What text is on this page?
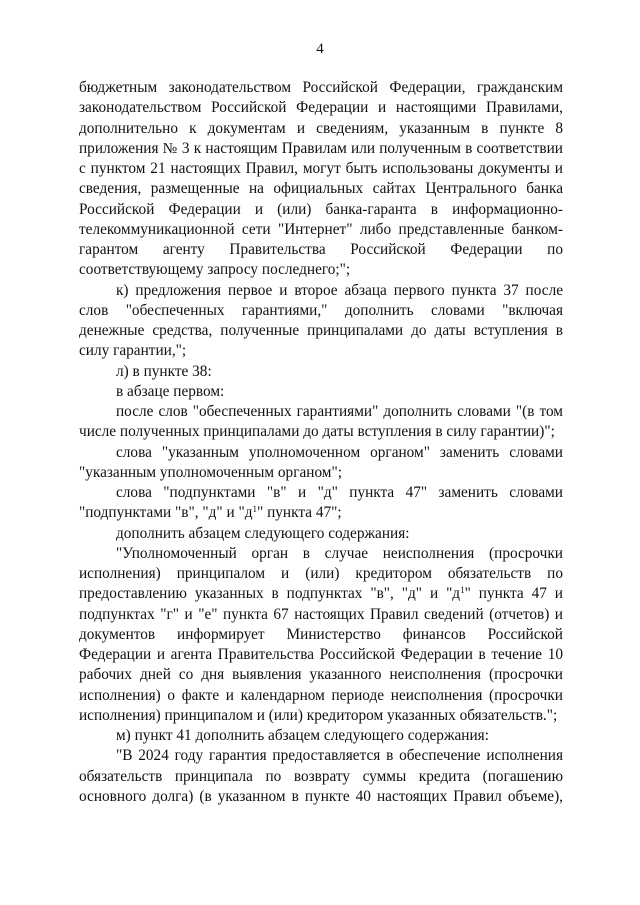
4

бюджетным законодательством Российской Федерации, гражданским законодательством Российской Федерации и настоящими Правилами, дополнительно к документам и сведениям, указанным в пункте 8 приложения № 3 к настоящим Правилам или полученным в соответствии с пунктом 21 настоящих Правил, могут быть использованы документы и сведения, размещенные на официальных сайтах Центрального банка Российской Федерации и (или) банка-гаранта в информационно-телекоммуникационной сети "Интернет" либо представленные банком-гарантом агенту Правительства Российской Федерации по соответствующему запросу последнего;";

к) предложения первое и второе абзаца первого пункта 37 после слов "обеспеченных гарантиями," дополнить словами "включая денежные средства, полученные принципалами до даты вступления в силу гарантии,";

л) в пункте 38:

в абзаце первом:

после слов "обеспеченных гарантиями" дополнить словами "(в том числе полученных принципалами до даты вступления в силу гарантии)";

слова "указанным уполномоченном органом" заменить словами "указанным уполномоченным органом";

слова "подпунктами "в" и "д" пункта 47" заменить словами "подпунктами "в", "д" и "$д^1$" пункта 47";

дополнить абзацем следующего содержания:

"Уполномоченный орган в случае неисполнения (просрочки исполнения) принципалом и (или) кредитором обязательств по предоставлению указанных в подпунктах "в", "д" и "$д^1$" пункта 47 и подпунктах "г" и "е" пункта 67 настоящих Правил сведений (отчетов) и документов информирует Министерство финансов Российской Федерации и агента Правительства Российской Федерации в течение 10 рабочих дней со дня выявления указанного неисполнения (просрочки исполнения) о факте и календарном периоде неисполнения (просрочки исполнения) принципалом и (или) кредитором указанных обязательств.";

м) пункт 41 дополнить абзацем следующего содержания:

"В 2024 году гарантия предоставляется в обеспечение исполнения обязательств принципала по возврату суммы кредита (погашению основного долга) (в указанном в пункте 40 настоящих Правил объеме),
